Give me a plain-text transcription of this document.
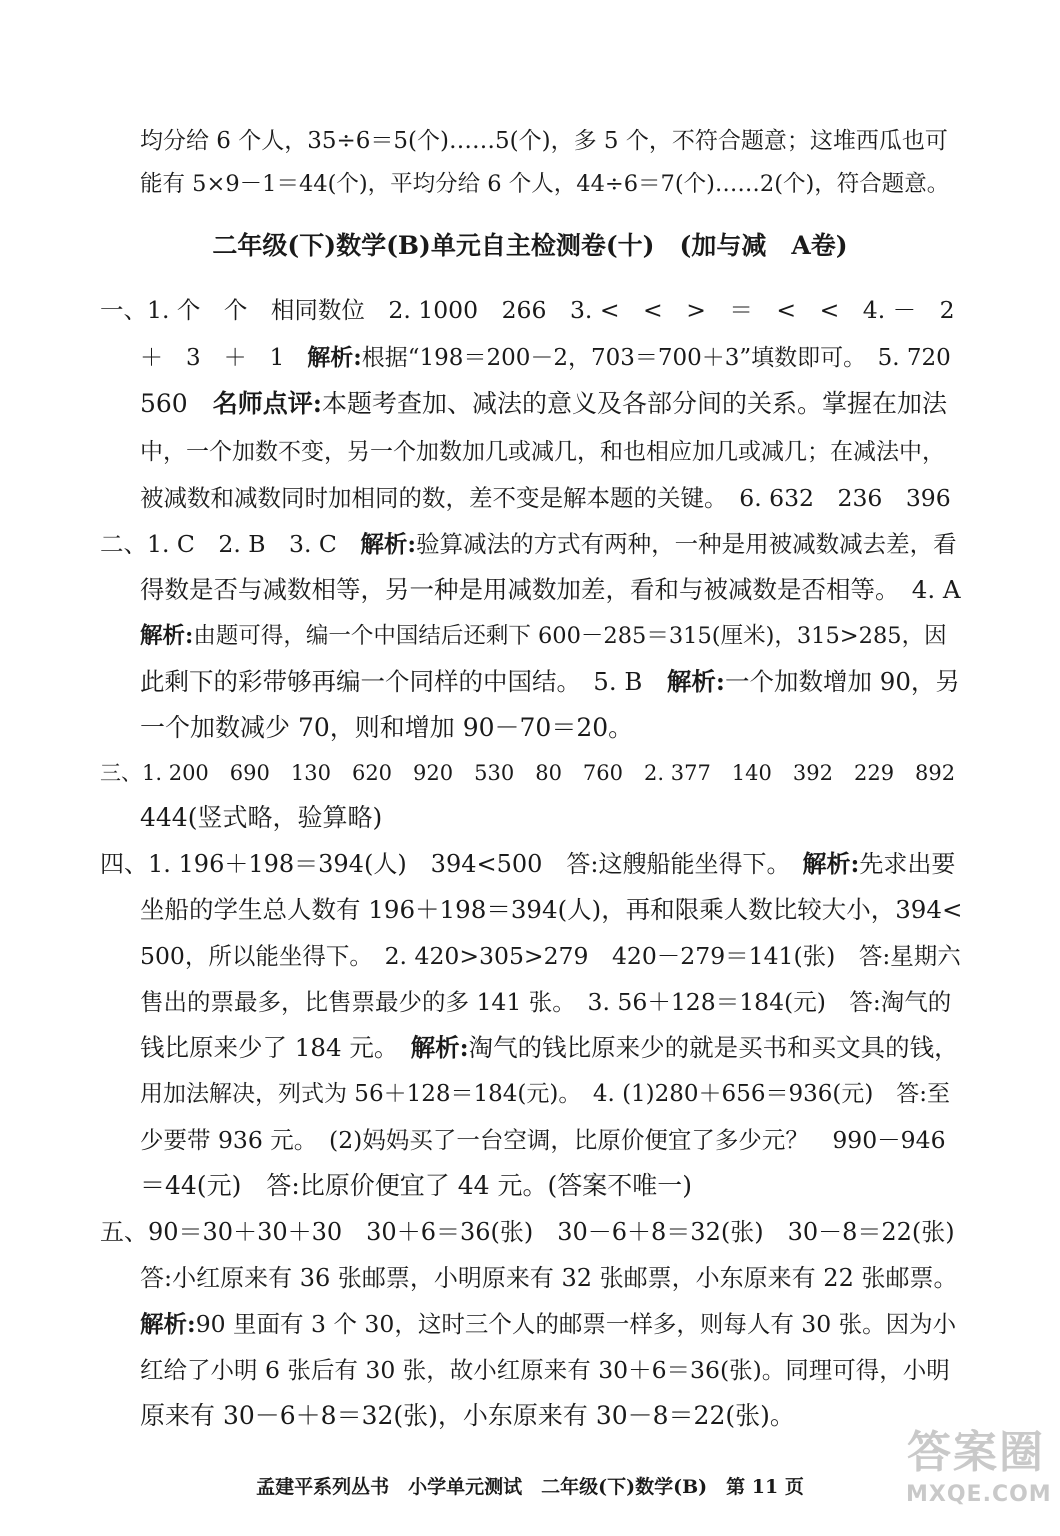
均分给 6 个人，35÷6＝5(个)……5(个)，多 5 个，不符合题意；这堆西瓜也可
能有 5×9－1＝44(个)，平均分给 6 个人，44÷6＝7(个)……2(个)，符合题意。
二年级(下)数学(B)单元自主检测卷(十)　(加与减　A卷)
一、1. 个　个　相同数位　2. 1000　266　3. <　<　>　＝　<　<　4. －　2
＋　3　＋　1　解析:根据“198＝200－2，703＝700＋3”填数即可。　5. 720
560　名师点评:本题考查加、减法的意义及各部分间的关系。掌握在加法
中，一个加数不变，另一个加数加几或减几，和也相应加几或减几；在减法中，
被减数和减数同时加相同的数，差不变是解本题的关键。　6. 632　236　396
二、1. C　2. B　3. C　解析:验算减法的方式有两种，一种是用被减数减去差，看
得数是否与减数相等，另一种是用减数加差，看和与被减数是否相等。　4. A
解析:由题可得，编一个中国结后还剩下 600－285＝315(厘米)，315>285，因
此剩下的彩带够再编一个同样的中国结。　5. B　解析:一个加数增加 90，另
一个加数减少 70，则和增加 90－70＝20。
三、1. 200　690　130　620　920　530　80　760　2. 377　140　392　229　892
444(竖式略，验算略)
四、1. 196＋198＝394(人)　394<500　答:这艘船能坐得下。　解析:先求出要
坐船的学生总人数有 196＋198＝394(人)，再和限乘人数比较大小，394<
500，所以能坐得下。　2. 420>305>279　420－279＝141(张)　答:星期六
售出的票最多，比售票最少的多 141 张。　3. 56＋128＝184(元)　答:淘气的
钱比原来少了 184 元。　解析:淘气的钱比原来少的就是买书和买文具的钱，
用加法解决，列式为 56＋128＝184(元)。　4. (1)280＋656＝936(元)　答:至
少要带 936 元。　(2)妈妈买了一台空调，比原价便宜了多少元？　990－946
＝44(元)　答:比原价便宜了 44 元。(答案不唯一)
五、90＝30＋30＋30　30＋6＝36(张)　30－6＋8＝32(张)　30－8＝22(张)
答:小红原来有 36 张邮票，小明原来有 32 张邮票，小东原来有 22 张邮票。
解析:90 里面有 3 个 30，这时三个人的邮票一样多，则每人有 30 张。因为小
红给了小明 6 张后有 30 张，故小红原来有 30＋6＝36(张)。同理可得，小明
原来有 30－6＋8＝32(张)，小东原来有 30－8＝22(张)。
孟建平系列丛书　小学单元测试　二年级(下)数学(B)　第 11 页
答案圈
MXQE.COM
